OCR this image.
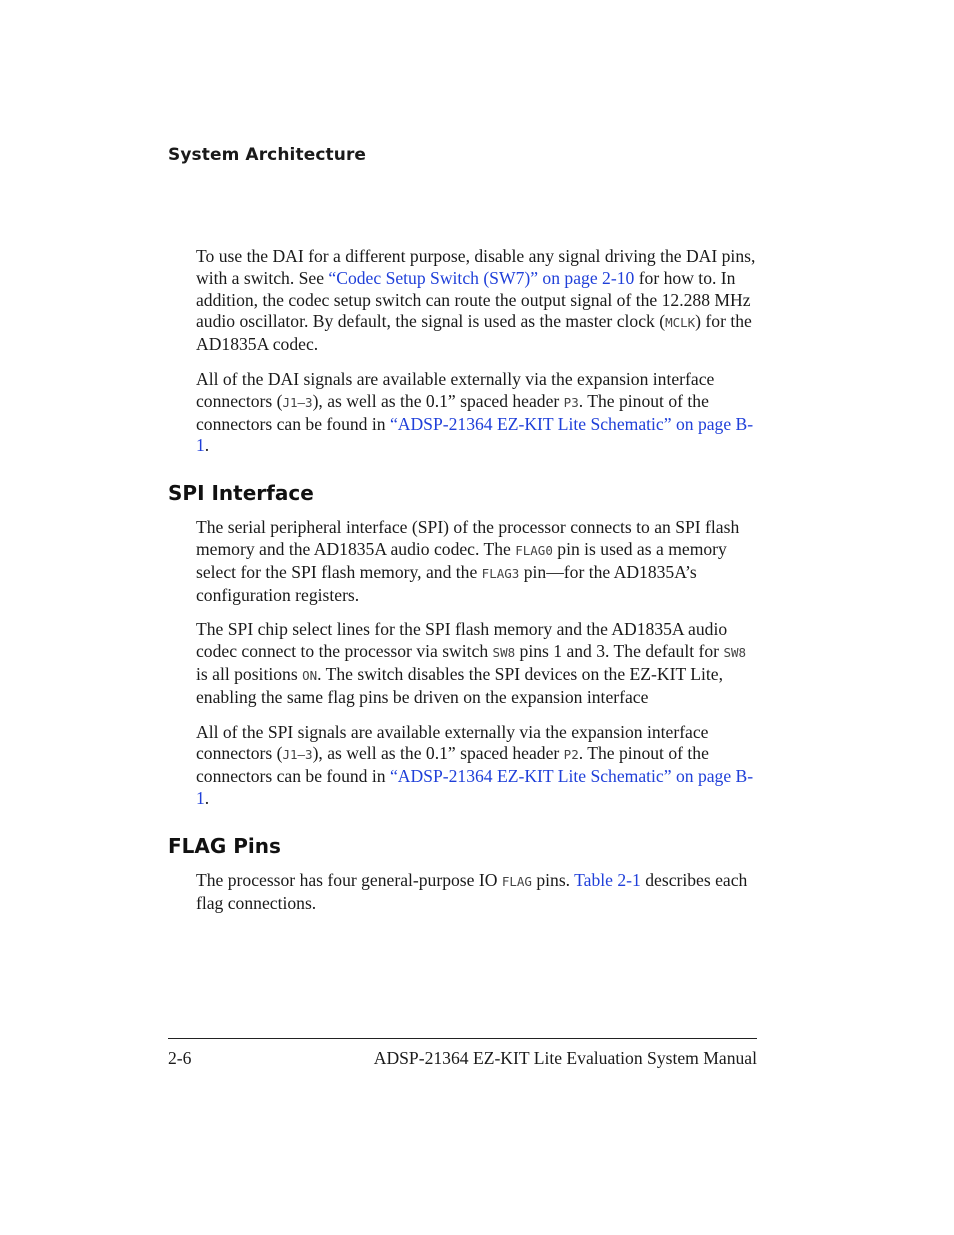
System Architecture

To use the DAI for a different purpose, disable any signal driving the DAI pins, with a switch. See “Codec Setup Switch (SW7)” on page 2-10 for how to. In addition, the codec setup switch can route the output signal of the 12.288 MHz audio oscillator. By default, the signal is used as the master clock (MCLK) for the AD1835A codec.

All of the DAI signals are available externally via the expansion interface connectors (J1–3), as well as the 0.1” spaced header P3. The pinout of the connectors can be found in “ADSP-21364 EZ-KIT Lite Schematic” on page B-1.

SPI Interface

The serial peripheral interface (SPI) of the processor connects to an SPI flash memory and the AD1835A audio codec. The FLAG0 pin is used as a memory select for the SPI flash memory, and the FLAG3 pin—for the AD1835A’s configuration registers.

The SPI chip select lines for the SPI flash memory and the AD1835A audio codec connect to the processor via switch SW8 pins 1 and 3. The default for SW8 is all positions ON. The switch disables the SPI devices on the EZ-KIT Lite, enabling the same flag pins be driven on the expansion interface

All of the SPI signals are available externally via the expansion interface connectors (J1–3), as well as the 0.1” spaced header P2. The pinout of the connectors can be found in “ADSP-21364 EZ-KIT Lite Schematic” on page B-1.

FLAG Pins

The processor has four general-purpose IO FLAG pins. Table 2-1 describes each flag connections.

2-6	ADSP-21364 EZ-KIT Lite Evaluation System Manual
